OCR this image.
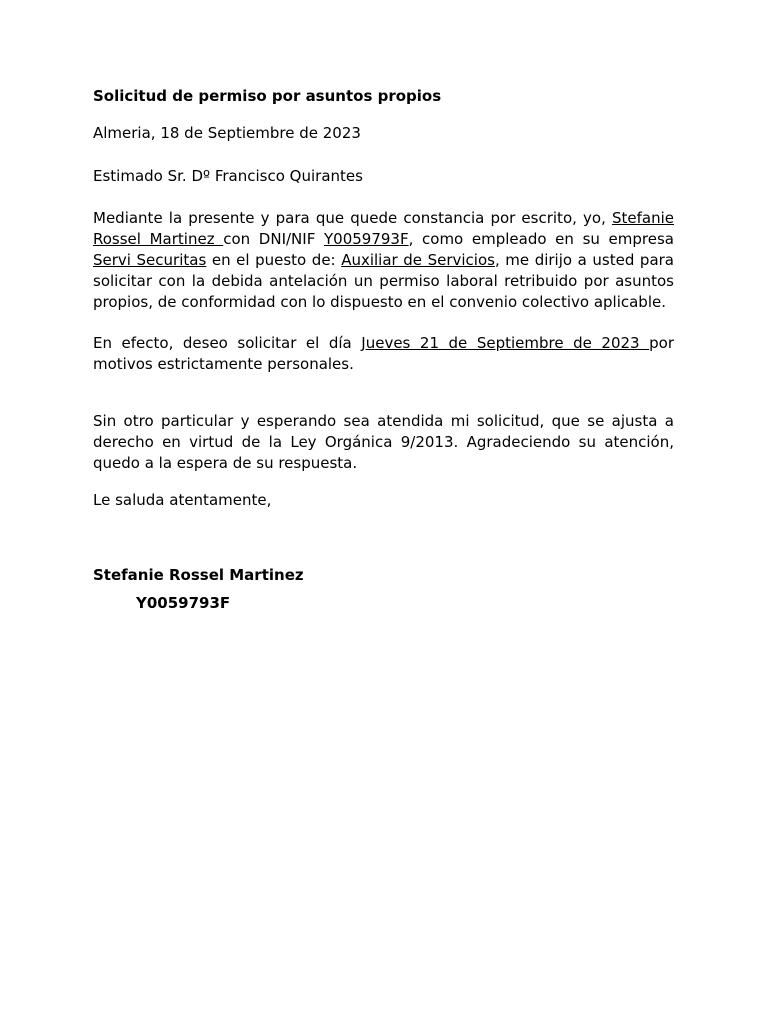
Solicitud de permiso por asuntos propios

Almeria, 18 de Septiembre de 2023

Estimado Sr. Dº Francisco Quirantes

Mediante la presente y para que quede constancia por escrito, yo, Stefanie Rossel Martinez con DNI/NIF Y0059793F, como empleado en su empresa Servi Securitas en el puesto de: Auxiliar de Servicios, me dirijo a usted para solicitar con la debida antelación un permiso laboral retribuido por asuntos propios, de conformidad con lo dispuesto en el convenio colectivo aplicable.

En efecto, deseo solicitar el día Jueves 21 de Septiembre de 2023 por motivos estrictamente personales.

Sin otro particular y esperando sea atendida mi solicitud, que se ajusta a derecho en virtud de la Ley Orgánica 9/2013. Agradeciendo su atención, quedo a la espera de su respuesta.

Le saluda atentamente,

Stefanie Rossel Martinez

Y0059793F
